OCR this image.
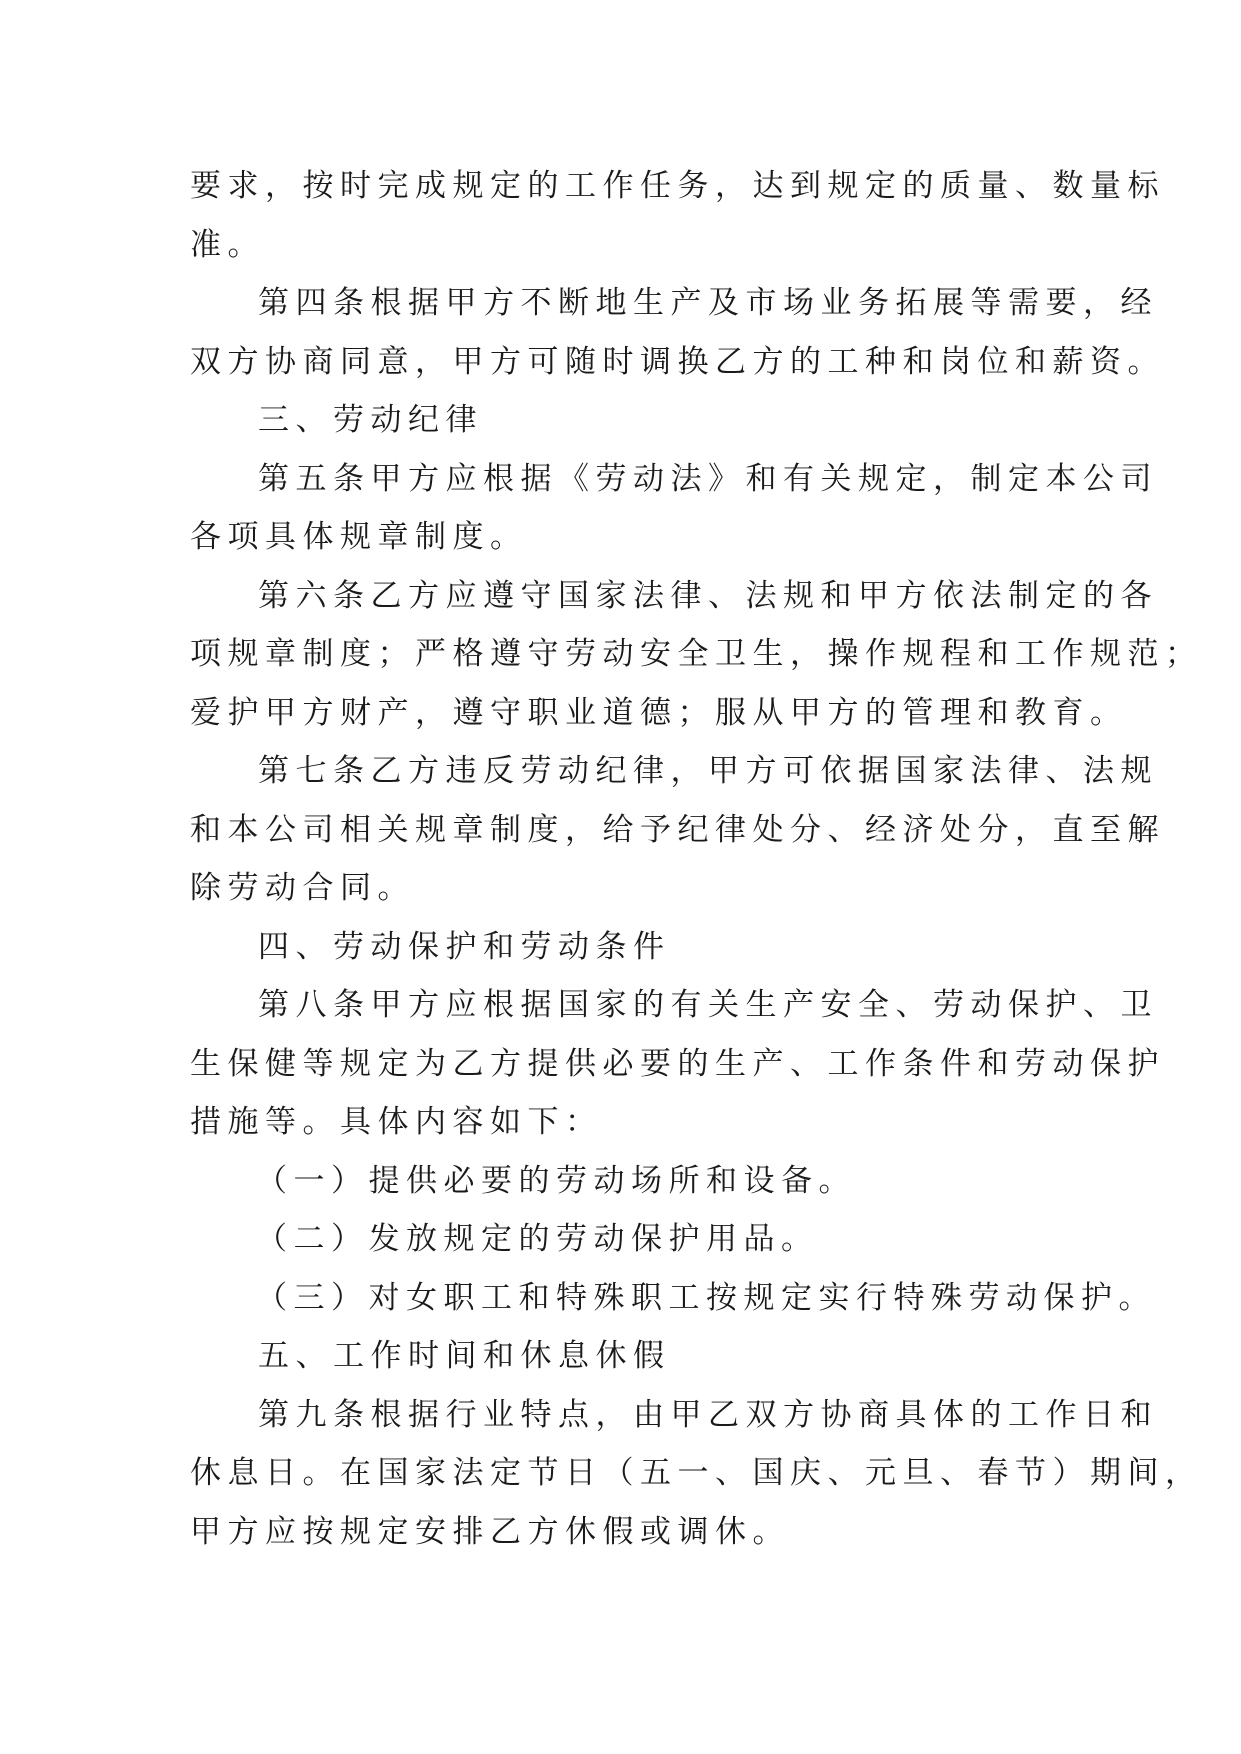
要求，按时完成规定的工作任务，达到规定的质量、数量标
准。
第四条根据甲方不断地生产及市场业务拓展等需要，经
双方协商同意，甲方可随时调换乙方的工种和岗位和薪资。
三、劳动纪律
第五条甲方应根据《劳动法》和有关规定，制定本公司
各项具体规章制度。
第六条乙方应遵守国家法律、法规和甲方依法制定的各
项规章制度；严格遵守劳动安全卫生，操作规程和工作规范；
爱护甲方财产，遵守职业道德；服从甲方的管理和教育。
第七条乙方违反劳动纪律，甲方可依据国家法律、法规
和本公司相关规章制度，给予纪律处分、经济处分，直至解
除劳动合同。
四、劳动保护和劳动条件
第八条甲方应根据国家的有关生产安全、劳动保护、卫
生保健等规定为乙方提供必要的生产、工作条件和劳动保护
措施等。具体内容如下：
（一）提供必要的劳动场所和设备。
（二）发放规定的劳动保护用品。
（三）对女职工和特殊职工按规定实行特殊劳动保护。
五、工作时间和休息休假
第九条根据行业特点，由甲乙双方协商具体的工作日和
休息日。在国家法定节日（五一、国庆、元旦、春节）期间，
甲方应按规定安排乙方休假或调休。
